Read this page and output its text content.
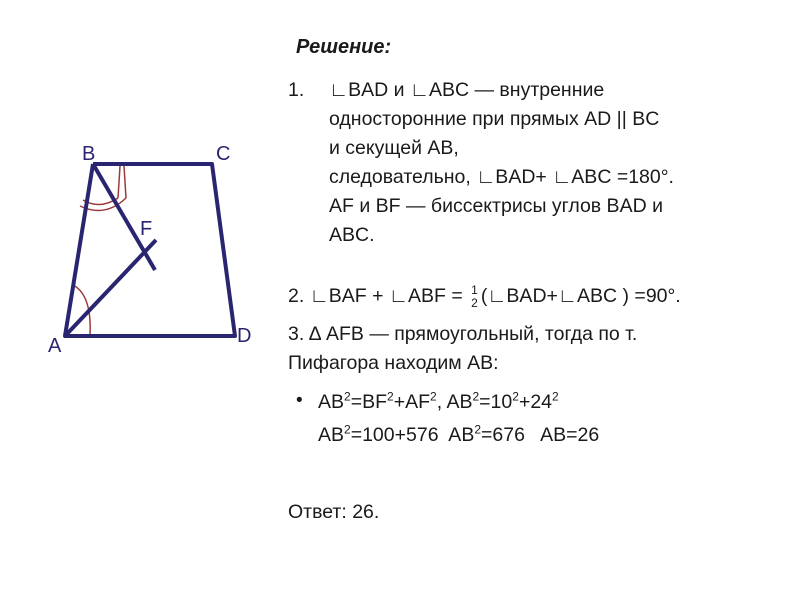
B	C
F
A	D
Решение:
1. ∟BAD и ∟ABC — внутренние
односторонние при прямых AD || BC
и секущей AB,
следовательно, ∟BAD+ ∟ABC =180°.
AF и BF — биссектрисы углов BAD и
ABC.
2. ∟BAF + ∟ABF = 1
2 (∟BAD+∟ABC ) =90°.
3. Δ AFB — прямоугольный, тогда по т.
Пифагора находим AB:
• $AB^2=BF^2+AF^2$, $AB^2=10^2+24^2$
$AB^2=100+576$  $AB^2=676$   AB=26
Ответ: 26.
